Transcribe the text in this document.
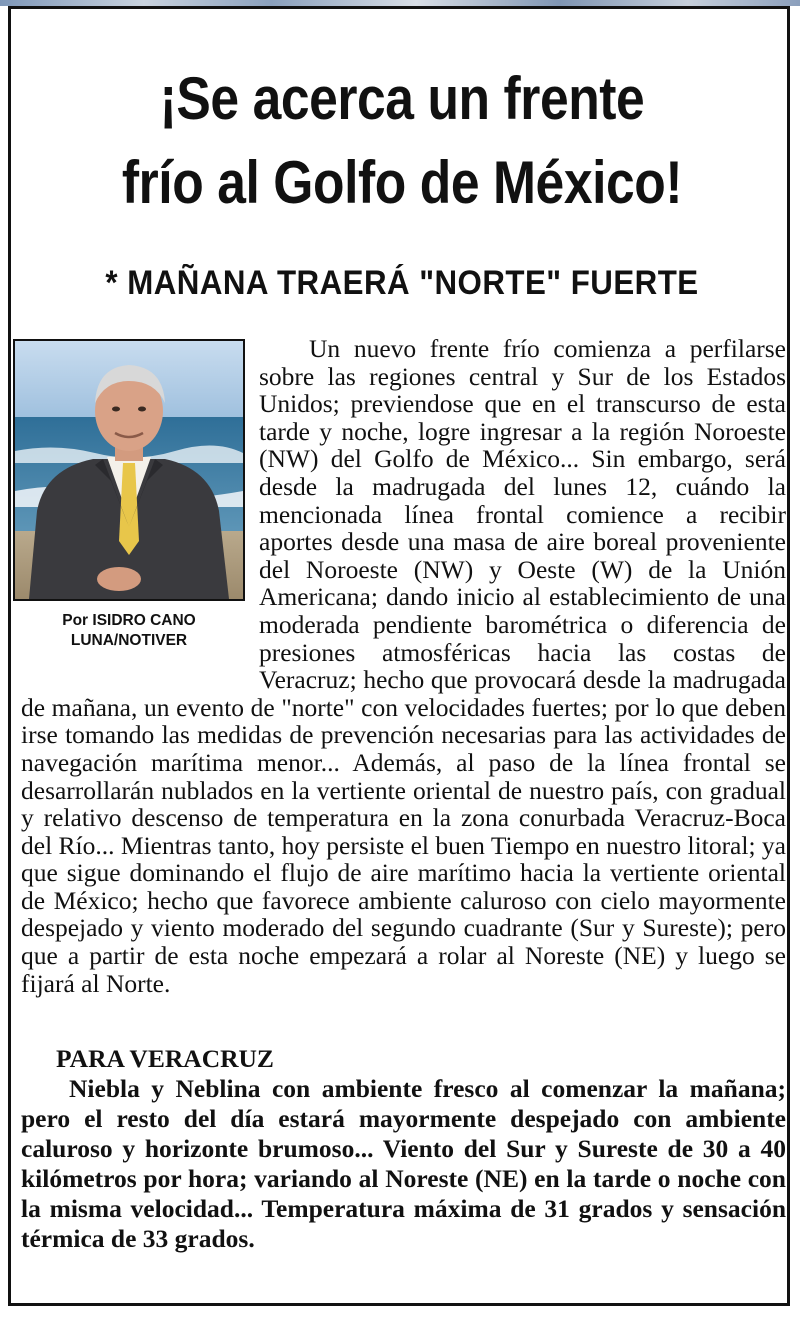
¡Se acerca un frente
frío al Golfo de México!
* MAÑANA TRAERÁ "NORTE" FUERTE
Por ISIDRO CANO
LUNA/NOTIVER

Un nuevo frente frío comienza a perfilarse sobre las regiones central y Sur de los Estados Unidos; previendose que en el transcurso de esta tarde y noche, logre ingresar a la región Noroeste (NW) del Golfo de México... Sin embargo, será desde la madrugada del lunes 12, cuándo la mencionada línea frontal comience a recibir aportes desde una masa de aire boreal proveniente del Noroeste (NW) y Oeste (W) de la Unión Americana; dando inicio al establecimiento de una moderada pendiente barométrica o diferencia de presiones atmosféricas hacia las costas de Veracruz; hecho que provocará desde la madrugada de mañana, un evento de "norte" con velocidades fuertes; por lo que deben irse tomando las medidas de prevención necesarias para las actividades de navegación marítima menor... Además, al paso de la línea frontal se desarrollarán nublados en la vertiente oriental de nuestro país, con gradual y relativo descenso de temperatura en la zona conurbada Veracruz-Boca del Río... Mientras tanto, hoy persiste el buen Tiempo en nuestro litoral; ya que sigue dominando el flujo de aire marítimo hacia la vertiente oriental de México; hecho que favorece ambiente caluroso con cielo mayormente despejado y viento moderado del segundo cuadrante (Sur y Sureste); pero que a partir de esta noche empezará a rolar al Noreste (NE) y luego se fijará al Norte.

PARA VERACRUZ

Niebla y Neblina con ambiente fresco al comenzar la mañana; pero el resto del día estará mayormente despejado con ambiente caluroso y horizonte brumoso... Viento del Sur y Sureste de 30 a 40 kilómetros por hora; variando al Noreste (NE) en la tarde o noche con la misma velocidad... Temperatura máxima de 31 grados y sensación térmica de 33 grados.
